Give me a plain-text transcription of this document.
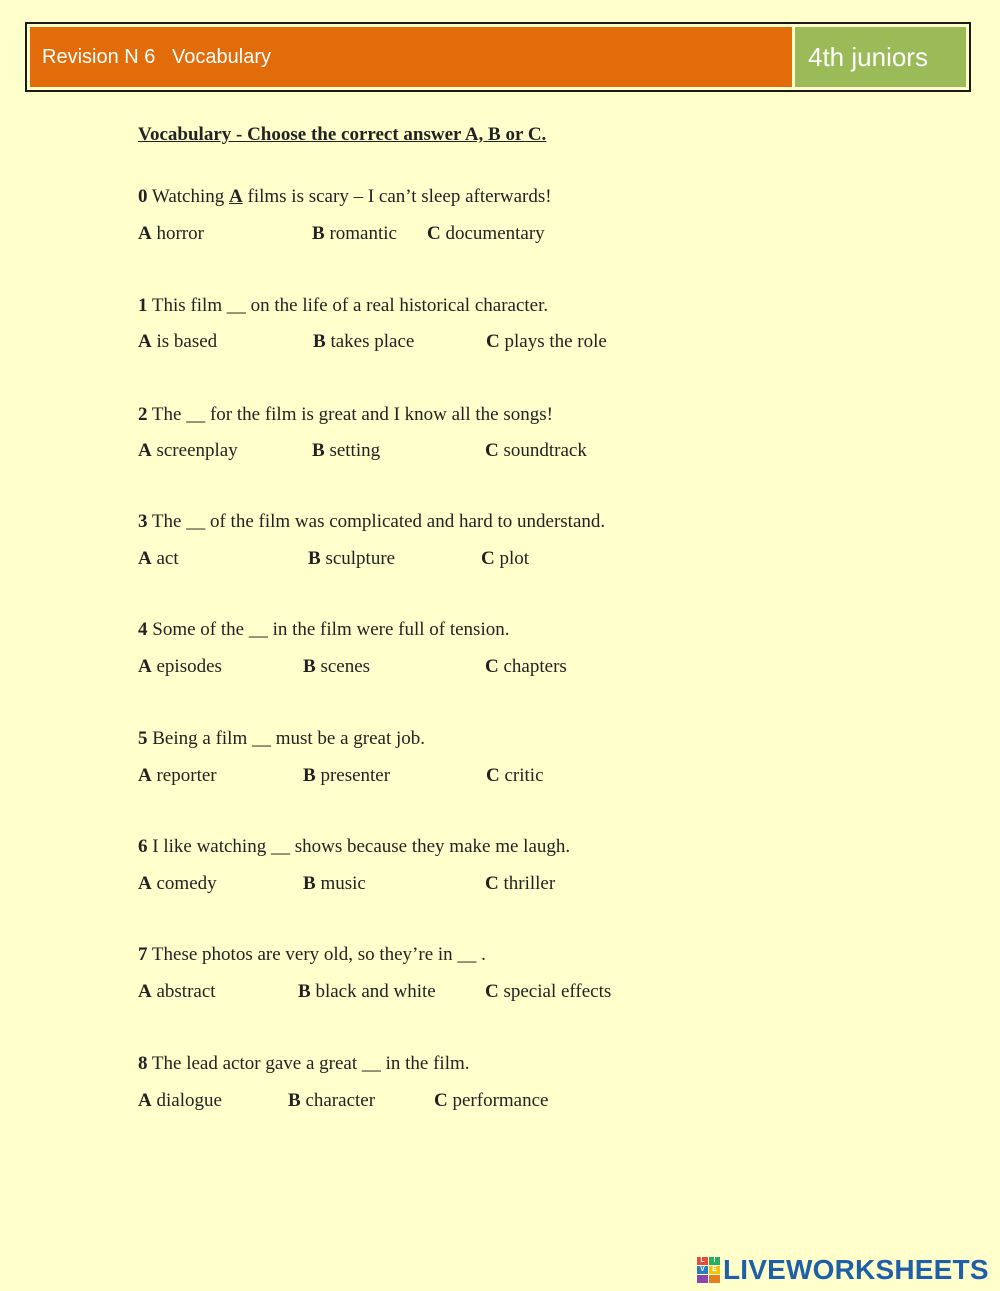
Revision N 6   Vocabulary	4th juniors
Vocabulary - Choose the correct answer A, B or C.
0 Watching A films is scary – I can’t sleep afterwards!
A horror	B romantic C documentary
1 This film __ on the life of a real historical character.
A is based	B takes place	C plays the role
2 The __ for the film is great and I know all the songs!
A screenplay	B setting	C soundtrack
3 The __ of the film was complicated and hard to understand.
A act	B sculpture	C plot
4 Some of the __ in the film were full of tension.
A episodes	B scenes	C chapters
5 Being a film __ must be a great job.
A reporter	B presenter	C critic
6 I like watching __ shows because they make me laugh.
A comedy	B music	C thriller
7 These photos are very old, so they’re in __ .
A abstract	B black and white	C special effects
8 The lead actor gave a great __ in the film.
A dialogue	B character	C performance
L	I
V	E LIVEWORKSHEETS
